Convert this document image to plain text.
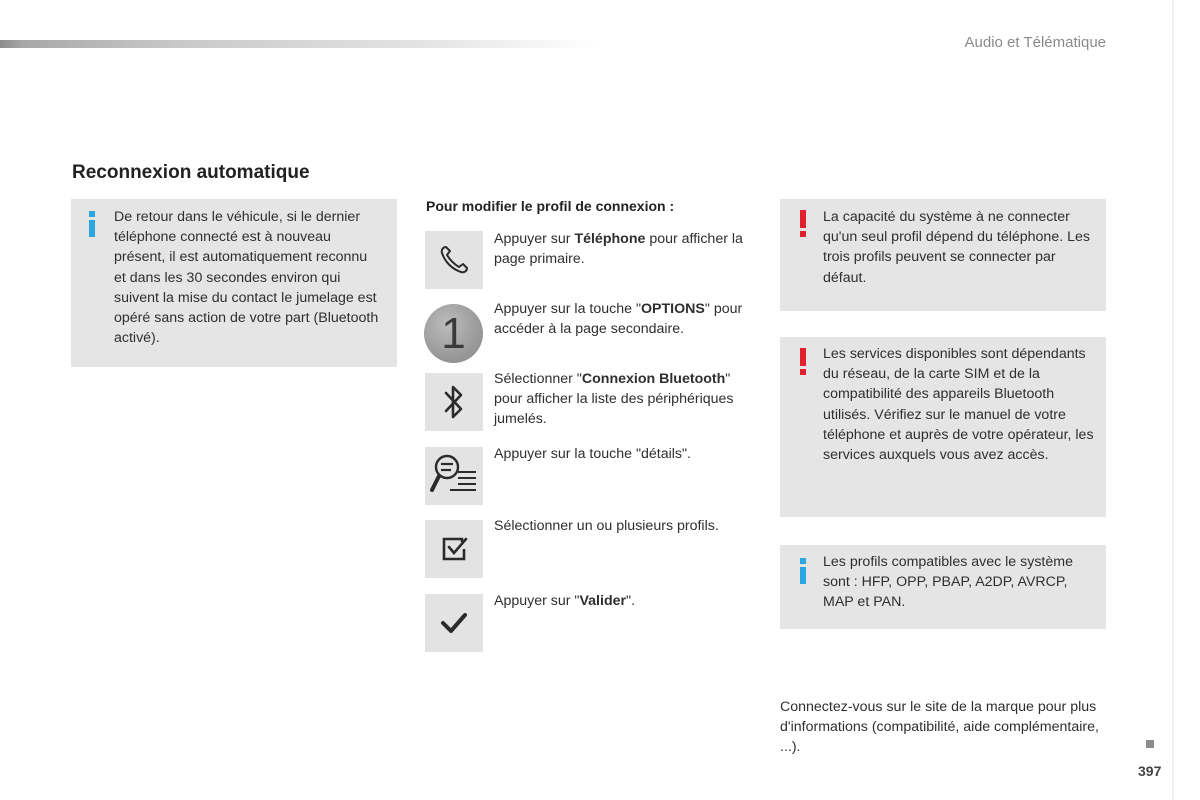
Audio et Télématique
Reconnexion automatique
De retour dans le véhicule, si le dernier téléphone connecté est à nouveau présent, il est automatiquement reconnu et dans les 30 secondes environ qui suivent la mise du contact le jumelage est opéré sans action de votre part (Bluetooth activé).
Pour modifier le profil de connexion :
Appuyer sur Téléphone pour afficher la page primaire.
1	Appuyer sur la touche "OPTIONS" pour accéder à la page secondaire.
Sélectionner "Connexion Bluetooth" pour afficher la liste des périphériques jumelés.
Appuyer sur la touche "détails".
Sélectionner un ou plusieurs profils.
Appuyer sur "Valider".
La capacité du système à ne connecter qu'un seul profil dépend du téléphone. Les trois profils peuvent se connecter par défaut.
Les services disponibles sont dépendants du réseau, de la carte SIM et de la compatibilité des appareils Bluetooth utilisés. Vérifiez sur le manuel de votre téléphone et auprès de votre opérateur, les services auxquels vous avez accès.
Les profils compatibles avec le système sont : HFP, OPP, PBAP, A2DP, AVRCP, MAP et PAN.
Connectez-vous sur le site de la marque pour plus d'informations (compatibilité, aide complémentaire, ...).
397
